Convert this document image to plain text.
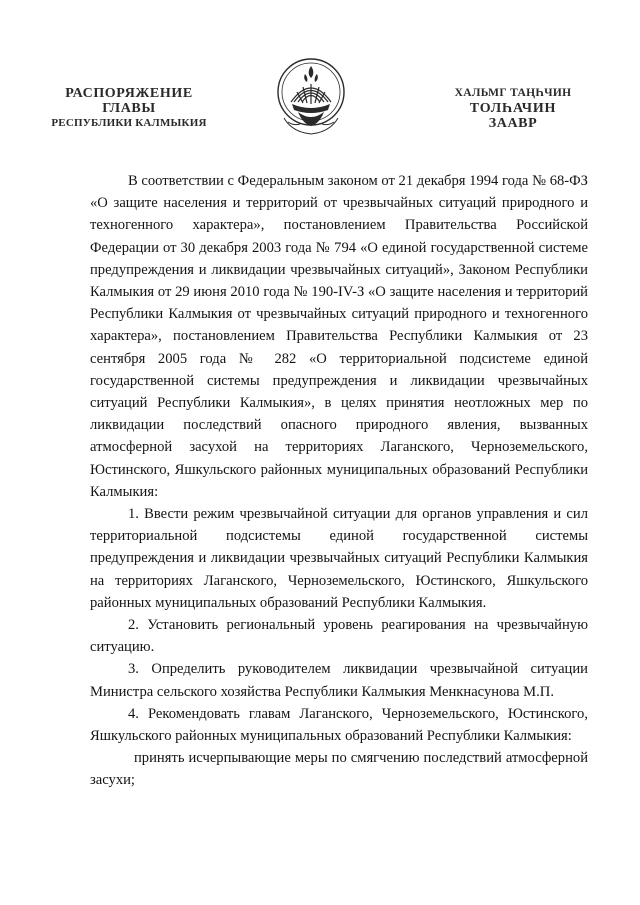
РАСПОРЯЖЕНИЕ
ГЛАВЫ
РЕСПУБЛИКИ КАЛМЫКИЯ
ХАЛЬМГ ТАҢҺЧИН
ТОЛҺАЧИН
ЗААВР

В соответствии с Федеральным законом от 21 декабря 1994 года № 68-ФЗ «О защите населения и территорий от чрезвычайных ситуаций природного и техногенного характера», постановлением Правительства Российской Федерации от 30 декабря 2003 года № 794 «О единой государственной системе предупреждения и ликвидации чрезвычайных ситуаций», Законом Республики Калмыкия от 29 июня 2010 года № 190-IV-З «О защите населения и территорий Республики Калмыкия от чрезвычайных ситуаций природного и техногенного характера», постановлением Правительства Республики Калмыкия от 23 сентября 2005 года № 282 «О территориальной подсистеме единой государственной системы предупреждения и ликвидации чрезвычайных ситуаций Республики Калмыкия», в целях принятия неотложных мер по ликвидации последствий опасного природного явления, вызванных атмосферной засухой на территориях Лаганского, Черноземельского, Юстинского, Яшкульского районных муниципальных образований Республики Калмыкия:

1. Ввести режим чрезвычайной ситуации для органов управления и сил территориальной подсистемы единой государственной системы предупреждения и ликвидации чрезвычайных ситуаций Республики Калмыкия на территориях Лаганского, Черноземельского, Юстинского, Яшкульского районных муниципальных образований Республики Калмыкия.

2. Установить региональный уровень реагирования на чрезвычайную ситуацию.

3. Определить руководителем ликвидации чрезвычайной ситуации Министра сельского хозяйства Республики Калмыкия Менкнасунова М.П.

4. Рекомендовать главам Лаганского, Черноземельского, Юстинского, Яшкульского районных муниципальных образований Республики Калмыкия:

принять исчерпывающие меры по смягчению последствий атмосферной засухи;
